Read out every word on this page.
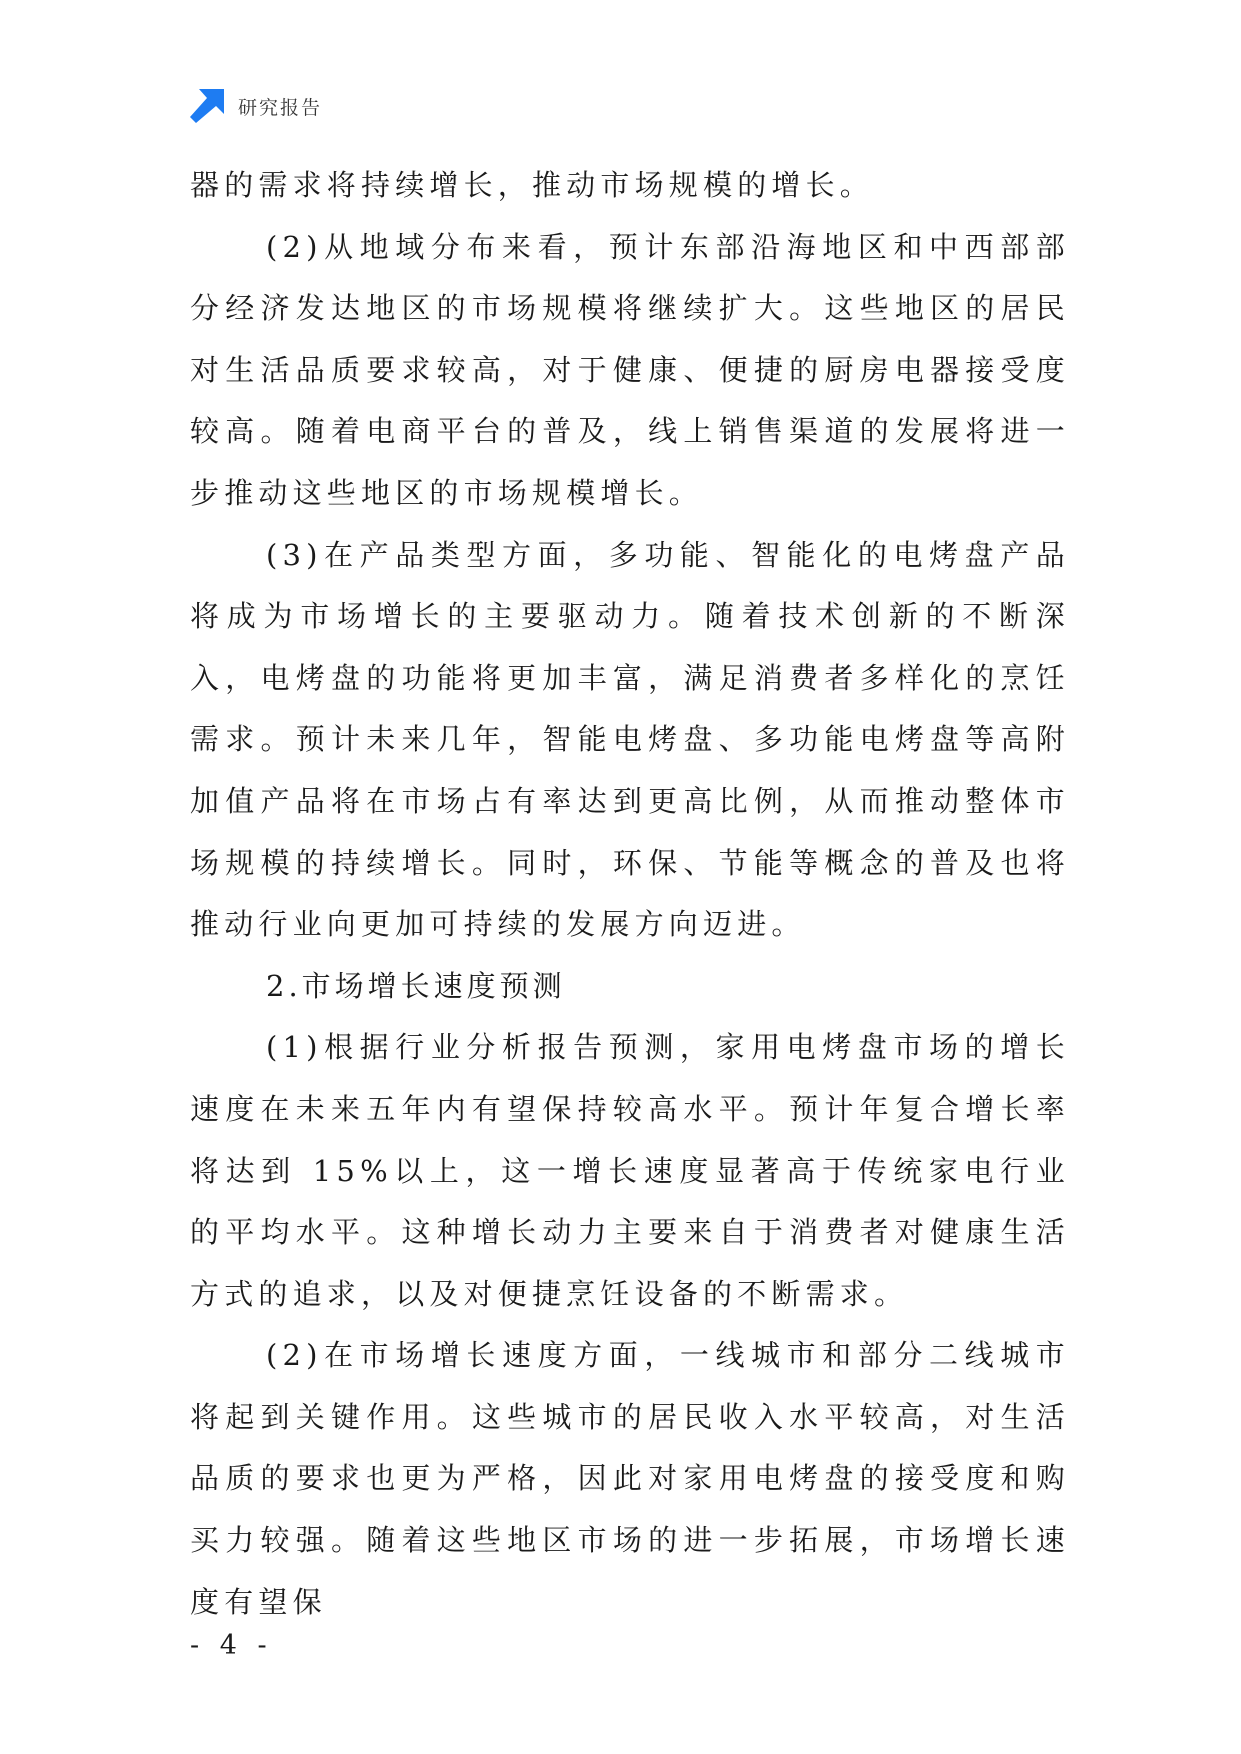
研究报告

器的需求将持续增长，推动市场规模的增长。

(2)从地域分布来看，预计东部沿海地区和中西部部分经济发达地区的市场规模将继续扩大。这些地区的居民对生活品质要求较高，对于健康、便捷的厨房电器接受度较高。随着电商平台的普及，线上销售渠道的发展将进一步推动这些地区的市场规模增长。

(3)在产品类型方面，多功能、智能化的电烤盘产品将成为市场增长的主要驱动力。随着技术创新的不断深入，电烤盘的功能将更加丰富，满足消费者多样化的烹饪需求。预计未来几年，智能电烤盘、多功能电烤盘等高附加值产品将在市场占有率达到更高比例，从而推动整体市场规模的持续增长。同时，环保、节能等概念的普及也将推动行业向更加可持续的发展方向迈进。

2.市场增长速度预测

(1)根据行业分析报告预测，家用电烤盘市场的增长速度在未来五年内有望保持较高水平。预计年复合增长率将达到 15%以上，这一增长速度显著高于传统家电行业的平均水平。这种增长动力主要来自于消费者对健康生活方式的追求，以及对便捷烹饪设备的不断需求。

(2)在市场增长速度方面，一线城市和部分二线城市将起到关键作用。这些城市的居民收入水平较高，对生活品质的要求也更为严格，因此对家用电烤盘的接受度和购买力较强。随着这些地区市场的进一步拓展，市场增长速度有望保

- 4 -
